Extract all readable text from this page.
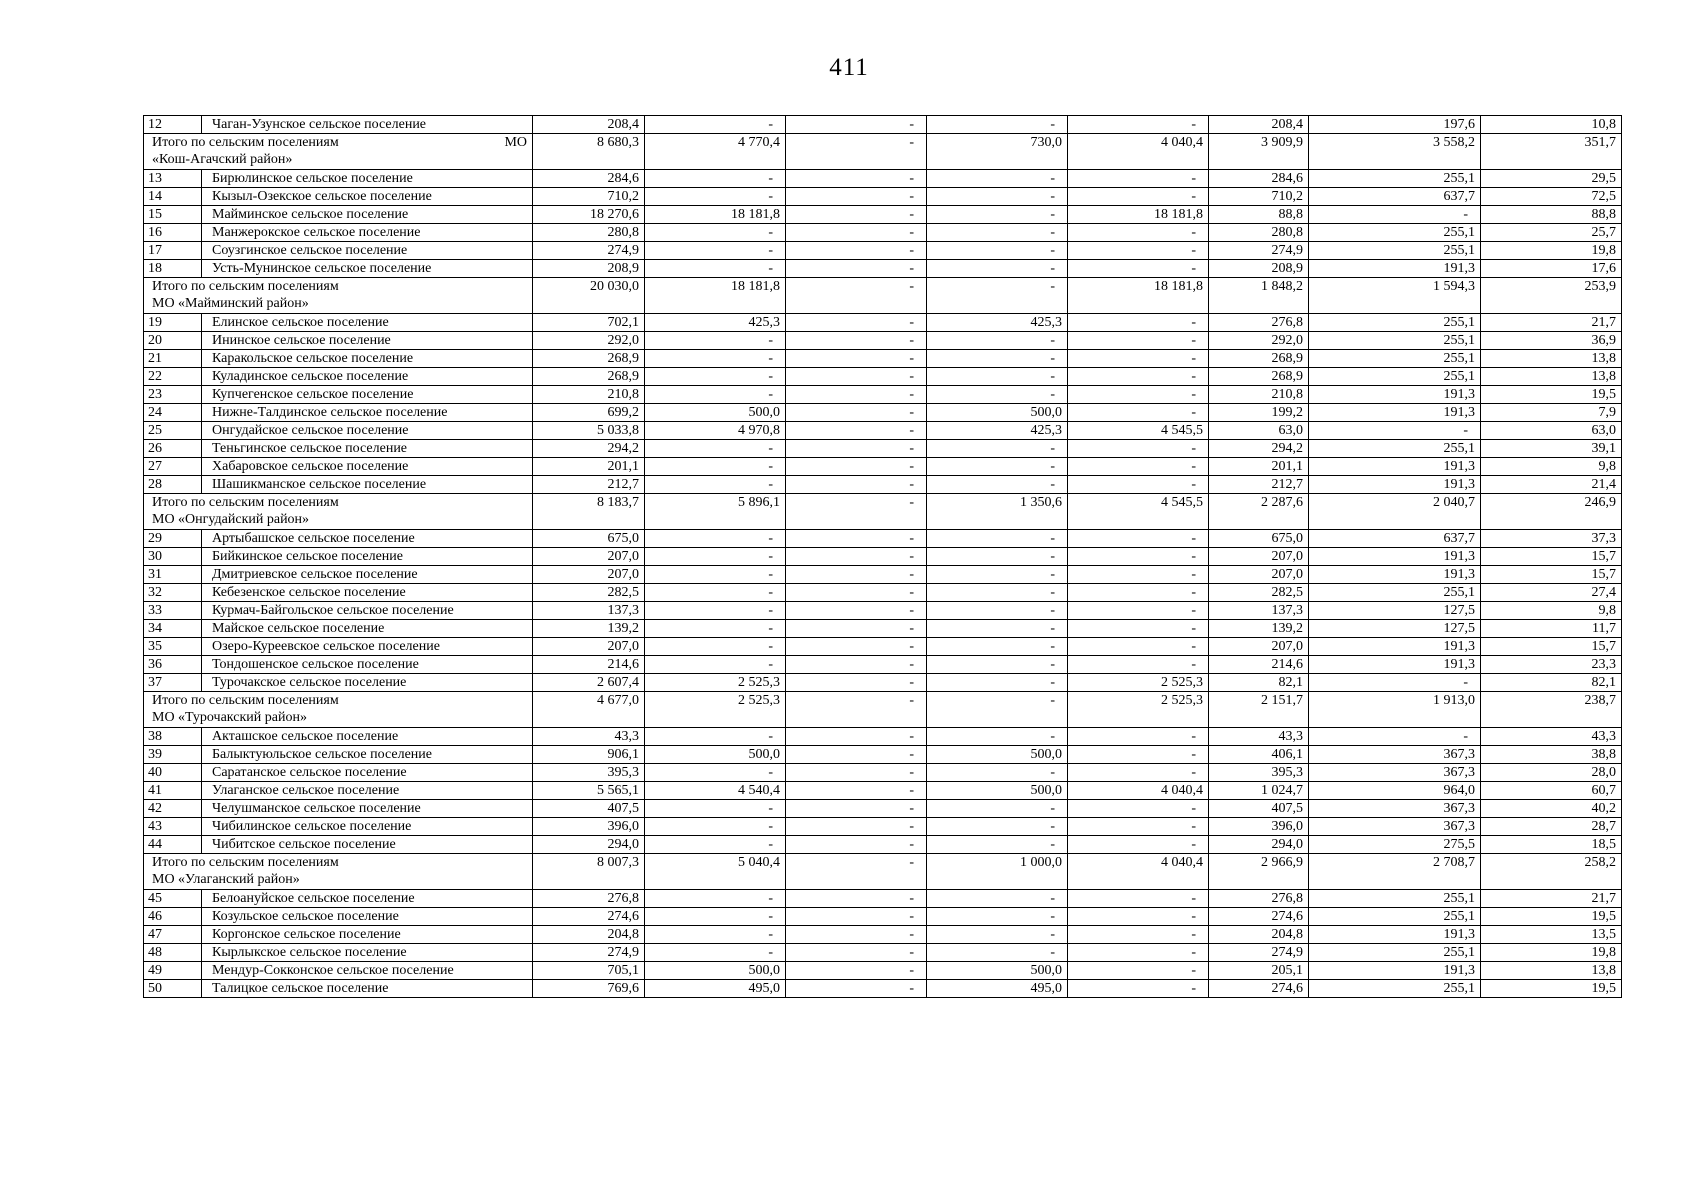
411
12	Чаган-Узунское сельское поселение	208,4	-	-	-	-	208,4	197,6	10,8

Итого по сельским поселениям МО
«Кош-Агачский район»		8 680,3	4 770,4	-	730,0	4 040,4	3 909,9	3 558,2	351,7
13	Бирюлинское сельское поселение	284,6	-	-	-	-	284,6	255,1	29,5
14	Кызыл-Озекское сельское поселение	710,2	-	-	-	-	710,2	637,7	72,5
15	Майминское сельское поселение	18 270,6	18 181,8	-	-	18 181,8	88,8	-	88,8
16	Манжерокское сельское поселение	280,8	-	-	-	-	280,8	255,1	25,7
17	Соузгинское сельское поселение	274,9	-	-	-	-	274,9	255,1	19,8
18	Усть-Мунинское сельское поселение	208,9	-	-	-	-	208,9	191,3	17,6

Итого по сельским поселениям
МО «Майминский район»		20 030,0	18 181,8	-	-	18 181,8	1 848,2	1 594,3	253,9
19	Елинское сельское поселение	702,1	425,3	-	425,3	-	276,8	255,1	21,7
20	Ининское сельское поселение	292,0	-	-	-	-	292,0	255,1	36,9
21	Каракольское сельское поселение	268,9	-	-	-	-	268,9	255,1	13,8
22	Куладинское сельское поселение	268,9	-	-	-	-	268,9	255,1	13,8
23	Купчегенское сельское поселение	210,8	-	-	-	-	210,8	191,3	19,5
24	Нижне-Талдинское сельское поселение	699,2	500,0	-	500,0	-	199,2	191,3	7,9
25	Онгудайское сельское поселение	5 033,8	4 970,8	-	425,3	4 545,5	63,0	-	63,0
26	Теньгинское сельское поселение	294,2	-	-	-	-	294,2	255,1	39,1
27	Хабаровское сельское поселение	201,1	-	-	-	-	201,1	191,3	9,8
28	Шашикманское сельское поселение	212,7	-	-	-	-	212,7	191,3	21,4

Итого по сельским поселениям
МО «Онгудайский район»		8 183,7	5 896,1	-	1 350,6	4 545,5	2 287,6	2 040,7	246,9
29	Артыбашское сельское поселение	675,0	-	-	-	-	675,0	637,7	37,3
30	Бийкинское сельское поселение	207,0	-	-	-	-	207,0	191,3	15,7
31	Дмитриевское сельское поселение	207,0	-	-	-	-	207,0	191,3	15,7
32	Кебезенское сельское поселение	282,5	-	-	-	-	282,5	255,1	27,4
33	Курмач-Байгольское сельское поселение	137,3	-	-	-	-	137,3	127,5	9,8
34	Майское сельское поселение	139,2	-	-	-	-	139,2	127,5	11,7
35	Озеро-Куреевское сельское поселение	207,0	-	-	-	-	207,0	191,3	15,7
36	Тондошенское сельское поселение	214,6	-	-	-	-	214,6	191,3	23,3
37	Турочакское сельское поселение	2 607,4	2 525,3	-	-	2 525,3	82,1	-	82,1

Итого по сельским поселениям
МО «Турочакский район»		4 677,0	2 525,3	-	-	2 525,3	2 151,7	1 913,0	238,7
38	Акташское сельское поселение	43,3	-	-	-	-	43,3	-	43,3
39	Балыктуюльское сельское поселение	906,1	500,0	-	500,0	-	406,1	367,3	38,8
40	Саратанское сельское поселение	395,3	-	-	-	-	395,3	367,3	28,0
41	Улаганское сельское поселение	5 565,1	4 540,4	-	500,0	4 040,4	1 024,7	964,0	60,7
42	Челушманское сельское поселение	407,5	-	-	-	-	407,5	367,3	40,2
43	Чибилинское сельское поселение	396,0	-	-	-	-	396,0	367,3	28,7
44	Чибитское сельское поселение	294,0	-	-	-	-	294,0	275,5	18,5

Итого по сельским поселениям
МО «Улаганский район»		8 007,3	5 040,4	-	1 000,0	4 040,4	2 966,9	2 708,7	258,2
45	Белоануйское сельское поселение	276,8	-	-	-	-	276,8	255,1	21,7
46	Козульское сельское поселение	274,6	-	-	-	-	274,6	255,1	19,5
47	Коргонское сельское поселение	204,8	-	-	-	-	204,8	191,3	13,5
48	Кырлыкское сельское поселение	274,9	-	-	-	-	274,9	255,1	19,8
49	Мендур-Сокконское сельское поселение	705,1	500,0	-	500,0	-	205,1	191,3	13,8
50	Талицкое сельское поселение	769,6	495,0	-	495,0	-	274,6	255,1	19,5
